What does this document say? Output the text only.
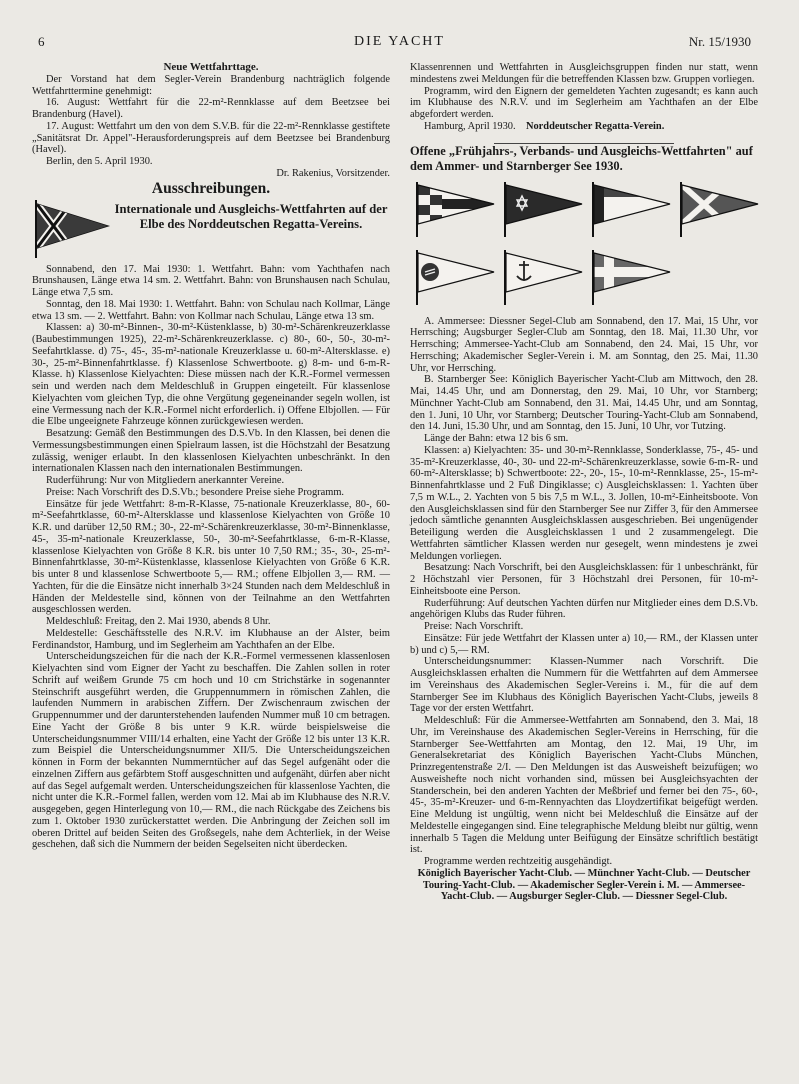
6	DIE YACHT	Nr. 15/1930

Neue Wettfahrttage.

Der Vorstand hat dem Segler-Verein Brandenburg nachträglich folgende Wettfahrttermine genehmigt:

16. August: Wettfahrt für die 22-m²-Rennklasse auf dem Beetzsee bei Brandenburg (Havel).

17. August: Wettfahrt um den von dem S.V.B. für die 22-m²-Rennklasse gestiftete „Sanitätsrat Dr. Appel"-Herausforderungspreis auf dem Beetzsee bei Brandenburg (Havel).

Berlin, den 5. April 1930.

Dr. Rakenius, Vorsitzender.

Ausschreibungen.

Internationale und Ausgleichs-Wettfahrten auf der Elbe des Norddeutschen Regatta-Vereins.

Sonnabend, den 17. Mai 1930: 1. Wettfahrt. Bahn: vom Yachthafen nach Brunshausen, Länge etwa 14 sm. 2. Wettfahrt. Bahn: von Brunshausen nach Schulau, Länge etwa 7,5 sm.

Sonntag, den 18. Mai 1930: 1. Wettfahrt. Bahn: von Schulau nach Kollmar, Länge etwa 13 sm. — 2. Wettfahrt. Bahn: von Kollmar nach Schulau, Länge etwa 13 sm.

Klassen: a) 30-m²-Binnen-, 30-m²-Küstenklasse, b) 30-m²-Schärenkreuzerklasse (Baubestimmungen 1925), 22-m²-Schärenkreuzerklasse. c) 80-, 60-, 50-, 30-m²-Seefahrtklasse. d) 75-, 45-, 35-m²-nationale Kreuzerklasse u. 60-m²-Altersklasse. e) 30-, 25-m²-Binnenfahrtklasse. f) Klassenlose Schwertboote. g) 8-m- und 6-m-R-Klasse. h) Klassenlose Kielyachten: Diese müssen nach der K.R.-Formel vermessen sein und werden nach dem Meldeschluß in Gruppen eingeteilt. Für klassenlose Kielyachten vom gleichen Typ, die ohne Vergütung gegeneinander segeln wollen, ist eine Vermessung nach der K.R.-Formel nicht erforderlich. i) Offene Elbjollen. — Für die Elbe ungeeignete Fahrzeuge können zurückgewiesen werden.

Besatzung: Gemäß den Bestimmungen des D.S.Vb. In den Klassen, bei denen die Vermessungsbestimmungen einen Spielraum lassen, ist die Höchstzahl der Besatzung zulässig, weniger erlaubt. In den klassenlosen Kielyachten unbeschränkt. In den internationalen Klassen nach den internationalen Bestimmungen.

Ruderführung: Nur von Mitgliedern anerkannter Vereine.

Preise: Nach Vorschrift des D.S.Vb.; besondere Preise siehe Programm.

Einsätze für jede Wettfahrt: 8-m-R-Klasse, 75-nationale Kreuzerklasse, 80-, 60-m²-Seefahrtklasse, 60-m²-Altersklasse und klassenlose Kielyachten von Größe 10 K.R. und darüber 12,50 RM.; 30-, 22-m²-Schärenkreuzerklasse, 30-m²-Binnenklasse, 45-, 35-m²-nationale Kreuzerklasse, 50-, 30-m²-Seefahrtklasse, 6-m-R-Klasse, klassenlose Kielyachten von Größe 8 K.R. bis unter 10 7,50 RM.; 35-, 30-, 25-m²-Binnenfahrtklasse, 30-m²-Küstenklasse, klassenlose Kielyachten von Größe 6 K.R. bis unter 8 und klassenlose Schwertboote 5,— RM.; offene Elbjollen 3,— RM. — Yachten, für die die Einsätze nicht innerhalb 3×24 Stunden nach dem Meldeschluß in Händen der Meldestelle sind, können von der Teilnahme an den Wettfahrten ausgeschlossen werden.

Meldeschluß: Freitag, den 2. Mai 1930, abends 8 Uhr.

Meldestelle: Geschäftsstelle des N.R.V. im Klubhause an der Alster, beim Ferdinandstor, Hamburg, und im Seglerheim am Yachthafen an der Elbe.

Unterscheidungszeichen für die nach der K.R.-Formel vermessenen klassenlosen Kielyachten sind vom Eigner der Yacht zu beschaffen. Die Zahlen sollen in roter Schrift auf weißem Grunde 75 cm hoch und 10 cm Strichstärke in sogenannter Steinschrift ausgeführt werden, die Gruppennummern in römischen Zahlen, die laufenden Nummern in arabischen Ziffern. Der Zwischenraum zwischen der Gruppennummer und der darunterstehenden laufenden Nummer muß 10 cm betragen. Eine Yacht der Größe 8 bis unter 9 K.R. würde beispielsweise die Unterscheidungsnummer VIII/14 erhalten, eine Yacht der Größe 12 bis unter 13 K.R. zum Beispiel die Unterscheidungsnummer XII/5. Die Unterscheidungszeichen können in Form der bekannten Nummerntücher auf das Segel aufgenäht oder die einzelnen Ziffern aus gefärbtem Stoff ausgeschnitten und aufgenäht, dürfen aber nicht auf das Segel aufgemalt werden. Unterscheidungszeichen für klassenlose Yachten, die nicht unter die K.R.-Formel fallen, werden vom 12. Mai ab im Klubhause des N.R.V. ausgegeben, gegen Hinterlegung von 10,— RM., die nach Rückgabe des Zeichens bis zum 1. Oktober 1930 zurückerstattet werden. Die Anbringung der Zeichen soll im oberen Drittel auf beiden Seiten des Großsegels, nahe dem Achterliek, in der Weise geschehen, daß sich die Nummern der beiden Segelseiten nicht überdecken.

Klassenrennen und Wettfahrten in Ausgleichsgruppen finden nur statt, wenn mindestens zwei Meldungen für die betreffenden Klassen bzw. Gruppen vorliegen.

Programm, wird den Eignern der gemeldeten Yachten zugesandt; es kann auch im Klubhause des N.R.V. und im Seglerheim am Yachthafen an der Elbe abgefordert werden.

Hamburg, April 1930. Norddeutscher Regatta-Verein.

Offene „Frühjahrs-, Verbands- und Ausgleichs-Wettfahrten" auf dem Ammer- und Starnberger See 1930.

A. Ammersee: Diessner Segel-Club am Sonnabend, den 17. Mai, 15 Uhr, vor Herrsching; Augsburger Segler-Club am Sonntag, den 18. Mai, 11.30 Uhr, vor Herrsching; Ammersee-Yacht-Club am Sonnabend, den 24. Mai, 15 Uhr, vor Herrsching; Akademischer Segler-Verein i. M. am Sonntag, den 25. Mai, 11.30 Uhr, vor Herrsching.

B. Starnberger See: Königlich Bayerischer Yacht-Club am Mittwoch, den 28. Mai, 14.45 Uhr, und am Donnerstag, den 29. Mai, 10 Uhr, vor Starnberg; Münchner Yacht-Club am Sonnabend, den 31. Mai, 14.45 Uhr, und am Sonntag, den 1. Juni, 10 Uhr, vor Starnberg; Deutscher Touring-Yacht-Club am Sonnabend, den 14. Juni, 15.30 Uhr, und am Sonntag, den 15. Juni, 10 Uhr, vor Tutzing.

Länge der Bahn: etwa 12 bis 6 sm.

Klassen: a) Kielyachten: 35- und 30-m²-Rennklasse, Sonderklasse, 75-, 45- und 35-m²-Kreuzerklasse, 40-, 30- und 22-m²-Schärenkreuzerklasse, sowie 6-m-R- und 60-m²-Altersklasse; b) Schwertboote: 22-, 20-, 15-, 10-m²-Rennklasse, 25-, 15-m²-Binnenfahrtklasse und 2 Fuß Dingiklasse; c) Ausgleichsklassen: 1. Yachten über 7,5 m W.L., 2. Yachten von 5 bis 7,5 m W.L., 3. Jollen, 10-m²-Einheitsboote. Von den Ausgleichsklassen sind für den Starnberger See nur Ziffer 3, für den Ammersee jedoch sämtliche genannten Ausgleichsklassen ausgeschrieben. Bei ungenügender Beteiligung werden die Ausgleichsklassen 1 und 2 zusammengelegt. Die Wettfahrten sämtlicher Klassen werden nur gesegelt, wenn mindestens je zwei Meldungen vorliegen.

Besatzung: Nach Vorschrift, bei den Ausgleichsklassen: für 1 unbeschränkt, für 2 Höchstzahl vier Personen, für 3 Höchstzahl drei Personen, für 10-m²-Einheitsboote eine Person.

Ruderführung: Auf deutschen Yachten dürfen nur Mitglieder eines dem D.S.Vb. angehörigen Klubs das Ruder führen.

Preise: Nach Vorschrift.

Einsätze: Für jede Wettfahrt der Klassen unter a) 10,— RM., der Klassen unter b) und c) 5,— RM.

Unterscheidungsnummer: Klassen-Nummer nach Vorschrift. Die Ausgleichsklassen erhalten die Nummern für die Wettfahrten auf dem Ammersee im Vereinshaus des Akademischen Segler-Vereins i. M., für die auf dem Starnberger See im Klubhaus des Königlich Bayerischen Yacht-Clubs, jeweils 8 Tage vor der ersten Wettfahrt.

Meldeschluß: Für die Ammersee-Wettfahrten am Sonnabend, den 3. Mai, 18 Uhr, im Vereinshause des Akademischen Segler-Vereins in Herrsching, für die Starnberger See-Wettfahrten am Montag, den 12. Mai, 19 Uhr, im Generalsekretariat des Königlich Bayerischen Yacht-Clubs München, Prinzregentenstraße 2/I. — Den Meldungen ist das Ausweisheft beizufügen; wo Ausweishefte noch nicht vorhanden sind, müssen bei Ausgleichsyachten der Standerschein, bei den anderen Yachten der Meßbrief und ferner bei den 75-, 60-, 45-, 35-m²-Kreuzer- und 6-m-Rennyachten das Lloydzertifikat beigefügt werden. Eine Meldung ist ungültig, wenn nicht bei Meldeschluß die Einsätze auf der Meldestelle eingegangen sind. Eine telegraphische Meldung bleibt nur gültig, wenn innerhalb 5 Tagen die Meldung unter Beifügung der Einsätze schriftlich bestätigt ist.

Programme werden rechtzeitig ausgehändigt.

Königlich Bayerischer Yacht-Club. — Münchner Yacht-Club. — Deutscher Touring-Yacht-Club. — Akademischer Segler-Verein i. M. — Ammersee-Yacht-Club. — Augsburger Segler-Club. — Diessner Segel-Club.
